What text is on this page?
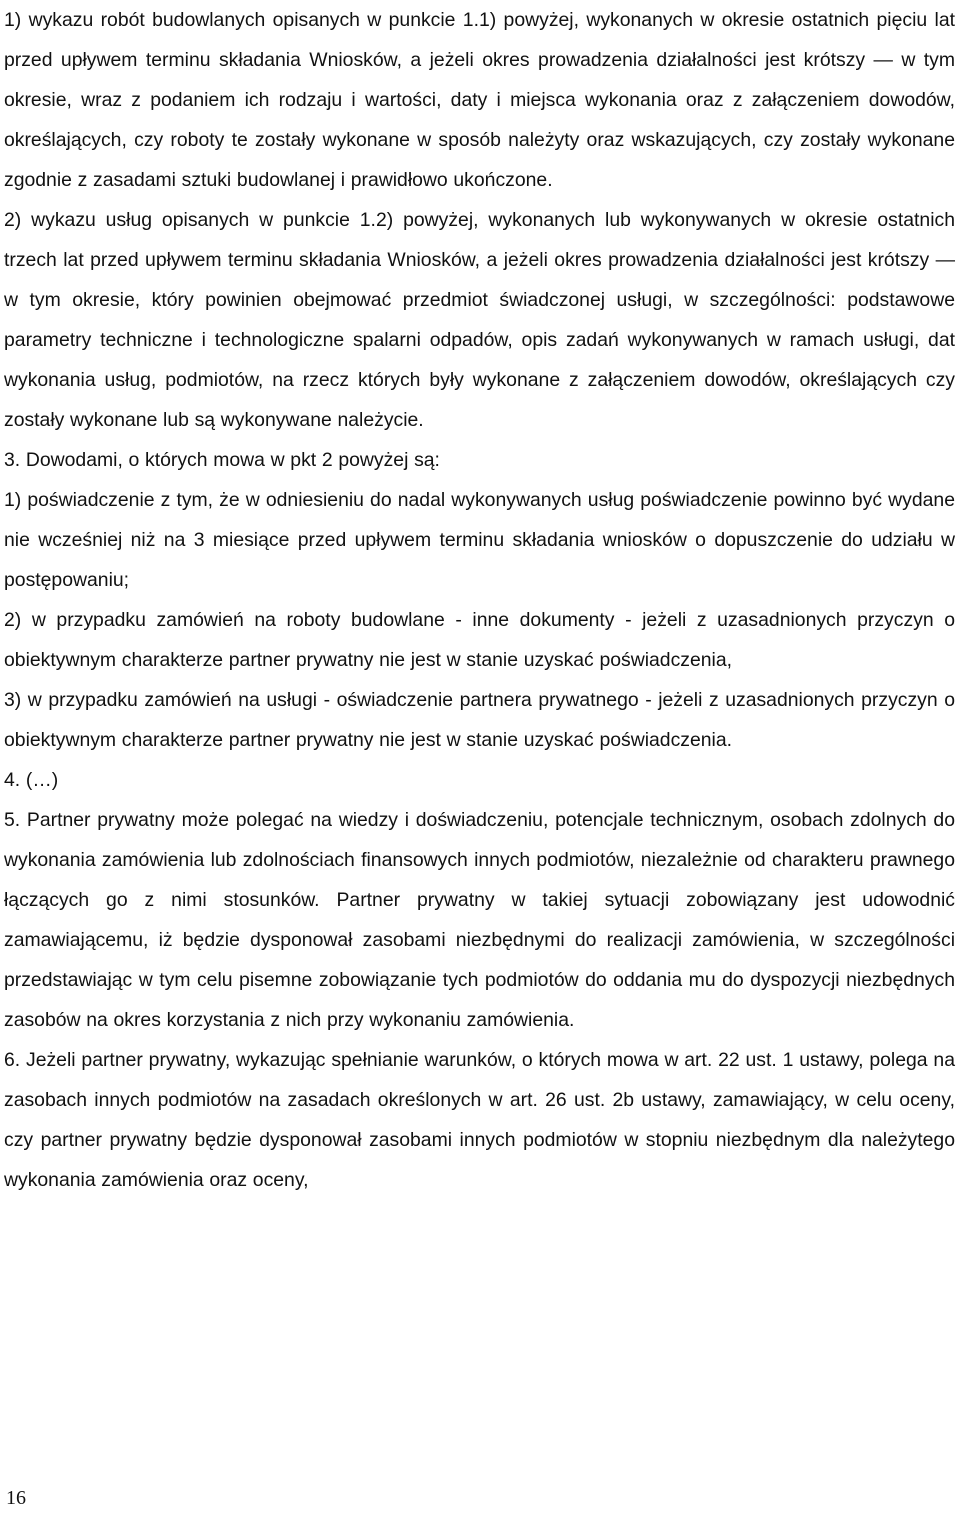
1) wykazu robót budowlanych opisanych w punkcie 1.1) powyżej, wykonanych w okresie ostatnich pięciu lat przed upływem terminu składania Wniosków, a jeżeli okres prowadzenia działalności jest krótszy — w tym okresie, wraz z podaniem ich rodzaju i wartości, daty i miejsca wykonania oraz z załączeniem dowodów, określających, czy roboty te zostały wykonane w sposób należyty oraz wskazujących, czy zostały wykonane zgodnie z zasadami sztuki budowlanej i prawidłowo ukończone.

2) wykazu usług opisanych w punkcie 1.2) powyżej, wykonanych lub wykonywanych w okresie ostatnich trzech lat przed upływem terminu składania Wniosków, a jeżeli okres prowadzenia działalności jest krótszy — w tym okresie, który powinien obejmować przedmiot świadczonej usługi, w szczególności: podstawowe parametry techniczne i technologiczne spalarni odpadów, opis zadań wykonywanych w ramach usługi, dat wykonania usług, podmiotów, na rzecz których były wykonane z załączeniem dowodów, określających czy zostały wykonane lub są wykonywane należycie.

3. Dowodami, o których mowa w pkt 2 powyżej są:

1) poświadczenie z tym, że w odniesieniu do nadal wykonywanych usług poświadczenie powinno być wydane nie wcześniej niż na 3 miesiące przed upływem terminu składania wniosków o dopuszczenie do udziału w postępowaniu;

2) w przypadku zamówień na roboty budowlane - inne dokumenty - jeżeli z uzasadnionych przyczyn o obiektywnym charakterze partner prywatny nie jest w stanie uzyskać poświadczenia,

3) w przypadku zamówień na usługi - oświadczenie partnera prywatnego - jeżeli z uzasadnionych przyczyn o obiektywnym charakterze partner prywatny nie jest w stanie uzyskać poświadczenia.

4. (…)

5. Partner prywatny może polegać na wiedzy i doświadczeniu, potencjale technicznym, osobach zdolnych do wykonania zamówienia lub zdolnościach finansowych innych podmiotów, niezależnie od charakteru prawnego łączących go z nimi stosunków. Partner prywatny w takiej sytuacji zobowiązany jest udowodnić zamawiającemu, iż będzie dysponował zasobami niezbędnymi do realizacji zamówienia, w szczególności przedstawiając w tym celu pisemne zobowiązanie tych podmiotów do oddania mu do dyspozycji niezbędnych zasobów na okres korzystania z nich przy wykonaniu zamówienia.

6. Jeżeli partner prywatny, wykazując spełnianie warunków, o których mowa w art. 22 ust. 1 ustawy, polega na zasobach innych podmiotów na zasadach określonych w art. 26 ust. 2b ustawy, zamawiający, w celu oceny, czy partner prywatny będzie dysponował zasobami innych podmiotów w stopniu niezbędnym dla należytego wykonania zamówienia oraz oceny,

16
